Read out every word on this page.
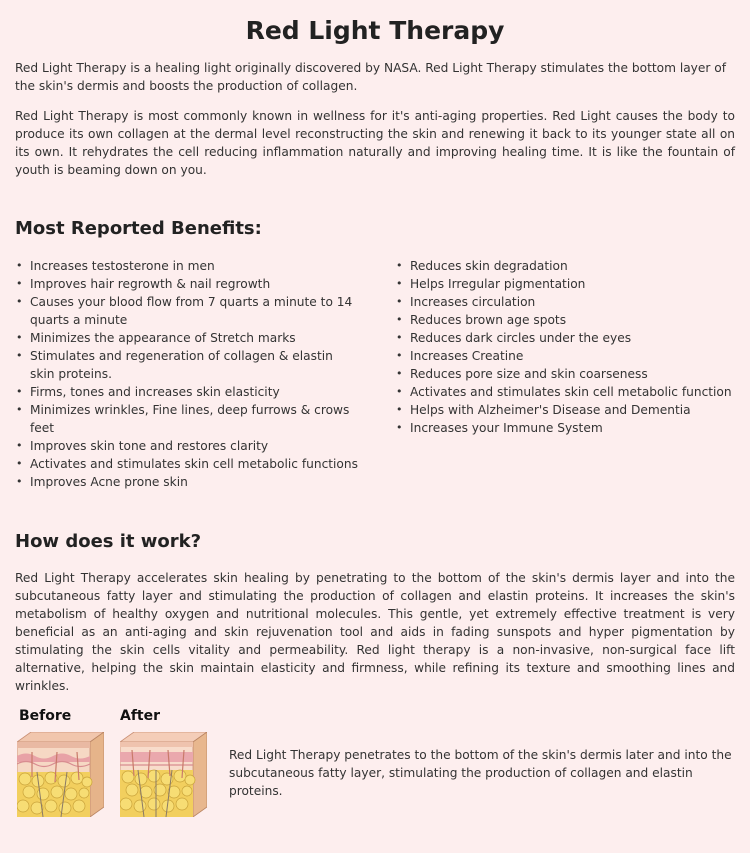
Red Light Therapy

Red Light Therapy is a healing light originally discovered by NASA. Red Light Therapy stimulates the bottom layer of the skin's dermis and boosts the production of collagen.

Red Light Therapy is most commonly known in wellness for it's anti-aging properties. Red Light causes the body to produce its own collagen at the dermal level reconstructing the skin and renewing it back to its younger state all on its own. It rehydrates the cell reducing inflammation naturally and improving healing time. It is like the fountain of youth is beaming down on you.

Most Reported Benefits:
• Increases testosterone in men
• Improves hair regrowth & nail regrowth
• Causes your blood flow from 7 quarts a minute to 14 quarts a minute
• Minimizes the appearance of Stretch marks
• Stimulates and regeneration of collagen & elastin skin proteins.
• Firms, tones and increases skin elasticity
• Minimizes wrinkles, Fine lines, deep furrows & crows feet
• Improves skin tone and restores clarity
• Activates and stimulates skin cell metabolic functions
• Improves Acne prone skin
• Reduces skin degradation
• Helps Irregular pigmentation
• Increases circulation
• Reduces brown age spots
• Reduces dark circles under the eyes
• Increases Creatine
• Reduces pore size and skin coarseness
• Activates and stimulates skin cell metabolic function
• Helps with Alzheimer's Disease and Dementia
• Increases your Immune System
How does it work?

Red Light Therapy accelerates skin healing by penetrating to the bottom of the skin's dermis layer and into the subcutaneous fatty layer and stimulating the production of collagen and elastin proteins. It increases the skin's metabolism of healthy oxygen and nutritional molecules. This gentle, yet extremely effective treatment is very beneficial as an anti-aging and skin rejuvenation tool and aids in fading sunspots and hyper pigmentation by stimulating the skin cells vitality and permeability. Red light therapy is a non-invasive, non-surgical face lift alternative, helping the skin maintain elasticity and firmness, while refining its texture and smoothing lines and wrinkles.

Before	After

Red Light Therapy penetrates to the bottom of the skin's dermis later and into the subcutaneous fatty layer, stimulating the production of collagen and elastin proteins.
